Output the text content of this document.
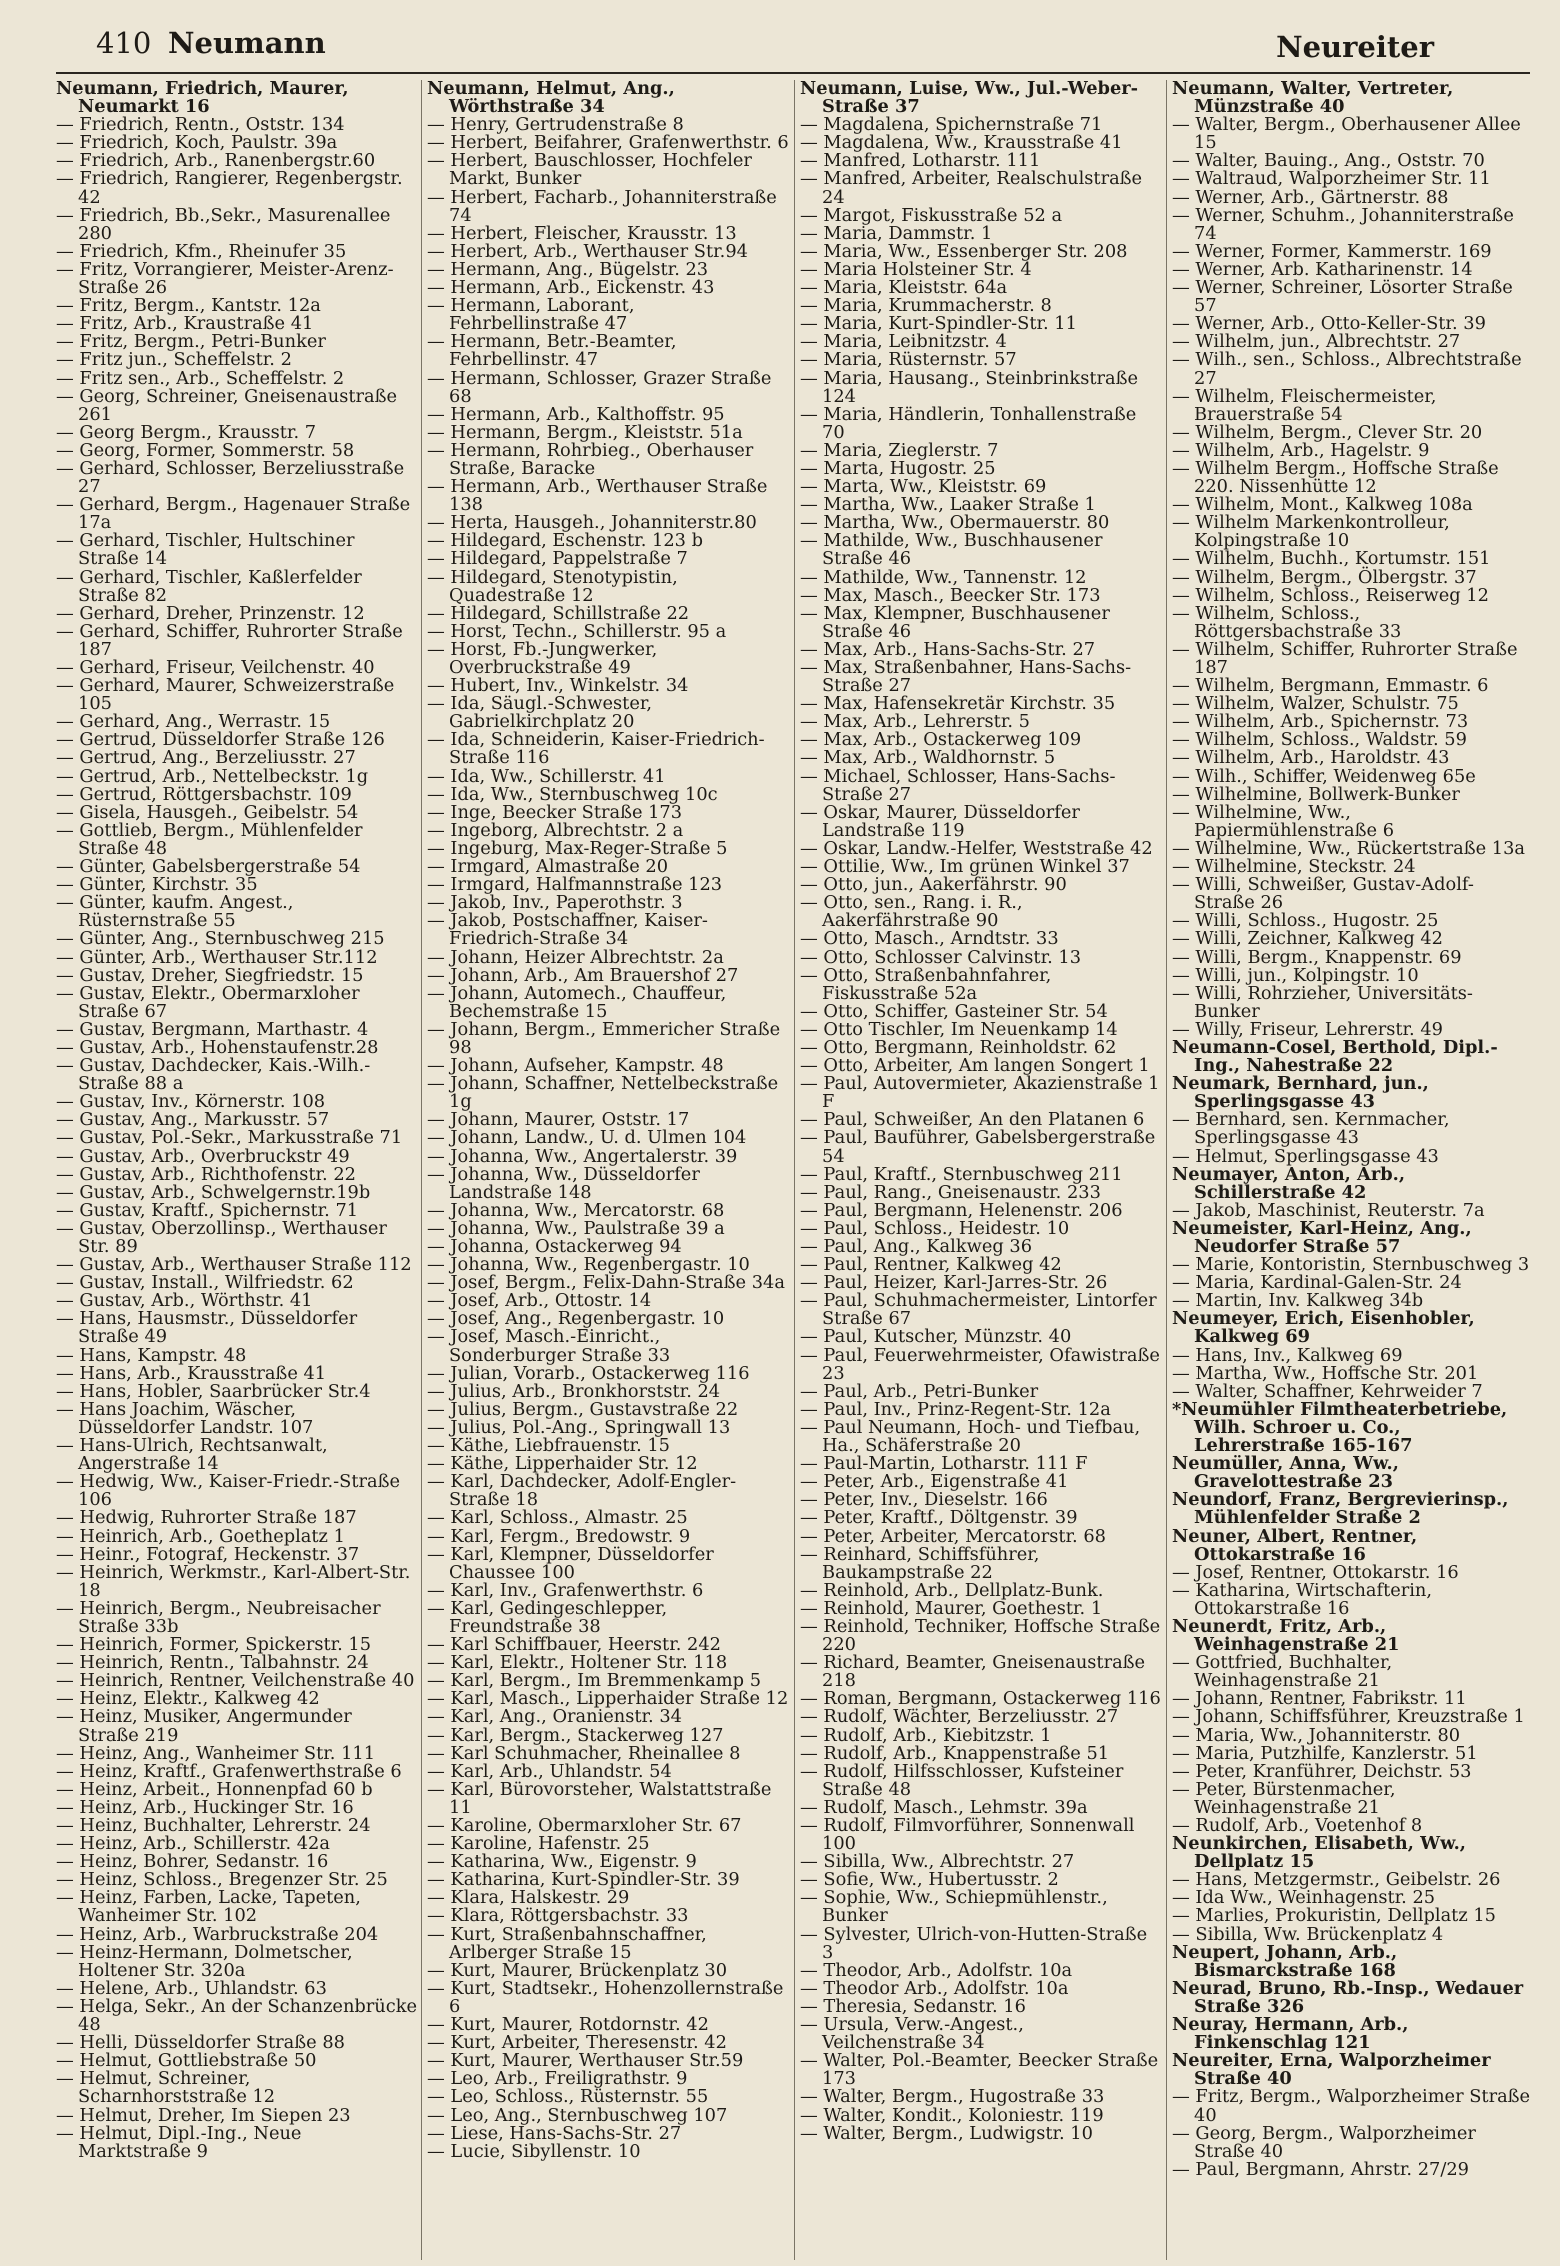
410 Neumann	Neureiter
Neumann, Friedrich, Maurer, Neumarkt 16
— Friedrich, Rentn., Oststr. 134
— Friedrich, Koch, Paulstr. 39a
— Friedrich, Arb., Ranenbergstr.60
— Friedrich, Rangierer, Regenbergstr. 42
— Friedrich, Bb.,Sekr., Masurenallee 280
— Friedrich, Kfm., Rheinufer 35
— Fritz, Vorrangierer, Meister-Arenz-Straße 26
— Fritz, Bergm., Kantstr. 12a
— Fritz, Arb., Kraustraße 41
— Fritz, Bergm., Petri-Bunker
— Fritz jun., Scheffelstr. 2
— Fritz sen., Arb., Scheffelstr. 2
— Georg, Schreiner, Gneisenaustraße 261
— Georg Bergm., Krausstr. 7
— Georg, Former, Sommerstr. 58
— Gerhard, Schlosser, Berzeliusstraße 27
— Gerhard, Bergm., Hagenauer Straße 17a
— Gerhard, Tischler, Hultschiner Straße 14
— Gerhard, Tischler, Kaßlerfelder Straße 82
— Gerhard, Dreher, Prinzenstr. 12
— Gerhard, Schiffer, Ruhrorter Straße 187
— Gerhard, Friseur, Veilchenstr. 40
— Gerhard, Maurer, Schweizerstraße 105
— Gerhard, Ang., Werrastr. 15
— Gertrud, Düsseldorfer Straße 126
— Gertrud, Ang., Berzeliusstr. 27
— Gertrud, Arb., Nettelbeckstr. 1g
— Gertrud, Röttgersbachstr. 109
— Gisela, Hausgeh., Geibelstr. 54
— Gottlieb, Bergm., Mühlenfelder Straße 48
— Günter, Gabelsbergerstraße 54
— Günter, Kirchstr. 35
— Günter, kaufm. Angest., Rüsternstraße 55
— Günter, Ang., Sternbuschweg 215
— Günter, Arb., Werthauser Str.112
— Gustav, Dreher, Siegfriedstr. 15
— Gustav, Elektr., Obermarxloher Straße 67
— Gustav, Bergmann, Marthastr. 4
— Gustav, Arb., Hohenstaufenstr.28
— Gustav, Dachdecker, Kais.-Wilh.-Straße 88 a
— Gustav, Inv., Körnerstr. 108
— Gustav, Ang., Markusstr. 57
— Gustav, Pol.-Sekr., Markusstraße 71
— Gustav, Arb., Overbruckstr 49
— Gustav, Arb., Richthofenstr. 22
— Gustav, Arb., Schwelgernstr.19b
— Gustav, Kraftf., Spichernstr. 71
— Gustav, Oberzollinsp., Werthauser Str. 89
— Gustav, Arb., Werthauser Straße 112
— Gustav, Install., Wilfriedstr. 62
— Gustav, Arb., Wörthstr. 41
— Hans, Hausmstr., Düsseldorfer Straße 49
— Hans, Kampstr. 48
— Hans, Arb., Krausstraße 41
— Hans, Hobler, Saarbrücker Str.4
— Hans Joachim, Wäscher, Düsseldorfer Landstr. 107
— Hans-Ulrich, Rechtsanwalt, Angerstraße 14
— Hedwig, Ww., Kaiser-Friedr.-Straße 106
— Hedwig, Ruhrorter Straße 187
— Heinrich, Arb., Goetheplatz 1
— Heinr., Fotograf, Heckenstr. 37
— Heinrich, Werkmstr., Karl-Albert-Str. 18
— Heinrich, Bergm., Neubreisacher Straße 33b
— Heinrich, Former, Spickerstr. 15
— Heinrich, Rentn., Talbahnstr. 24
— Heinrich, Rentner, Veilchenstraße 40
— Heinz, Elektr., Kalkweg 42
— Heinz, Musiker, Angermunder Straße 219
— Heinz, Ang., Wanheimer Str. 111
— Heinz, Kraftf., Grafenwerthstraße 6
— Heinz, Arbeit., Honnenpfad 60 b
— Heinz, Arb., Huckinger Str. 16
— Heinz, Buchhalter, Lehrerstr. 24
— Heinz, Arb., Schillerstr. 42a
— Heinz, Bohrer, Sedanstr. 16
— Heinz, Schloss., Bregenzer Str. 25
— Heinz, Farben, Lacke, Tapeten, Wanheimer Str. 102
— Heinz, Arb., Warbruckstraße 204
— Heinz-Hermann, Dolmetscher, Holtener Str. 320a
— Helene, Arb., Uhlandstr. 63
— Helga, Sekr., An der Schanzenbrücke 48
— Helli, Düsseldorfer Straße 88
— Helmut, Gottliebstraße 50
— Helmut, Schreiner, Scharnhorststraße 12
— Helmut, Dreher, Im Siepen 23
— Helmut, Dipl.-Ing., Neue Marktstraße 9
Neumann, Helmut, Ang., Wörthstraße 34
— Henry, Gertrudenstraße 8
— Herbert, Beifahrer, Grafenwerthstr. 6
— Herbert, Bauschlosser, Hochfeler Markt, Bunker
— Herbert, Facharb., Johanniterstraße 74
— Herbert, Fleischer, Krausstr. 13
— Herbert, Arb., Werthauser Str.94
— Hermann, Ang., Bügelstr. 23
— Hermann, Arb., Eickenstr. 43
— Hermann, Laborant, Fehrbellinstraße 47
— Hermann, Betr.-Beamter, Fehrbellinstr. 47
— Hermann, Schlosser, Grazer Straße 68
— Hermann, Arb., Kalthoffstr. 95
— Hermann, Bergm., Kleiststr. 51a
— Hermann, Rohrbieg., Oberhauser Straße, Baracke
— Hermann, Arb., Werthauser Straße 138
— Herta, Hausgeh., Johanniterstr.80
— Hildegard, Eschenstr. 123 b
— Hildegard, Pappelstraße 7
— Hildegard, Stenotypistin, Quadestraße 12
— Hildegard, Schillstraße 22
— Horst, Techn., Schillerstr. 95 a
— Horst, Fb.-Jungwerker, Overbruckstraße 49
— Hubert, Inv., Winkelstr. 34
— Ida, Säugl.-Schwester, Gabrielkirchplatz 20
— Ida, Schneiderin, Kaiser-Friedrich-Straße 116
— Ida, Ww., Schillerstr. 41
— Ida, Ww., Sternbuschweg 10c
— Inge, Beecker Straße 173
— Ingeborg, Albrechtstr. 2 a
— Ingeburg, Max-Reger-Straße 5
— Irmgard, Almastraße 20
— Irmgard, Halfmannstraße 123
— Jakob, Inv., Paperothstr. 3
— Jakob, Postschaffner, Kaiser-Friedrich-Straße 34
— Johann, Heizer Albrechtstr. 2a
— Johann, Arb., Am Brauershof 27
— Johann, Automech., Chauffeur, Bechemstraße 15
— Johann, Bergm., Emmericher Straße 98
— Johann, Aufseher, Kampstr. 48
— Johann, Schaffner, Nettelbeckstraße 1g
— Johann, Maurer, Oststr. 17
— Johann, Landw., U. d. Ulmen 104
— Johanna, Ww., Angertalerstr. 39
— Johanna, Ww., Düsseldorfer Landstraße 148
— Johanna, Ww., Mercatorstr. 68
— Johanna, Ww., Paulstraße 39 a
— Johanna, Ostackerweg 94
— Johanna, Ww., Regenbergastr. 10
— Josef, Bergm., Felix-Dahn-Straße 34a
— Josef, Arb., Ottostr. 14
— Josef, Ang., Regenbergastr. 10
— Josef, Masch.-Einricht., Sonderburger Straße 33
— Julian, Vorarb., Ostackerweg 116
— Julius, Arb., Bronkhorststr. 24
— Julius, Bergm., Gustavstraße 22
— Julius, Pol.-Ang., Springwall 13
— Käthe, Liebfrauenstr. 15
— Käthe, Lipperhaider Str. 12
— Karl, Dachdecker, Adolf-Engler-Straße 18
— Karl, Schloss., Almastr. 25
— Karl, Fergm., Bredowstr. 9
— Karl, Klempner, Düsseldorfer Chaussee 100
— Karl, Inv., Grafenwerthstr. 6
— Karl, Gedingeschlepper, Freundstraße 38
— Karl Schiffbauer, Heerstr. 242
— Karl, Elektr., Holtener Str. 118
— Karl, Bergm., Im Bremmenkamp 5
— Karl, Masch., Lipperhaider Straße 12
— Karl, Ang., Oranienstr. 34
— Karl, Bergm., Stackerweg 127
— Karl Schuhmacher, Rheinallee 8
— Karl, Arb., Uhlandstr. 54
— Karl, Bürovorsteher, Walstattstraße 11
— Karoline, Obermarxloher Str. 67
— Karoline, Hafenstr. 25
— Katharina, Ww., Eigenstr. 9
— Katharina, Kurt-Spindler-Str. 39
— Klara, Halskestr. 29
— Klara, Röttgersbachstr. 33
— Kurt, Straßenbahnschaffner, Arlberger Straße 15
— Kurt, Maurer, Brückenplatz 30
— Kurt, Stadtsekr., Hohenzollernstraße 6
— Kurt, Maurer, Rotdornstr. 42
— Kurt, Arbeiter, Theresenstr. 42
— Kurt, Maurer, Werthauser Str.59
— Leo, Arb., Freiligrathstr. 9
— Leo, Schloss., Rüsternstr. 55
— Leo, Ang., Sternbuschweg 107
— Liese, Hans-Sachs-Str. 27
— Lucie, Sibyllenstr. 10
Neumann, Luise, Ww., Jul.-Weber-Straße 37
— Magdalena, Spichernstraße 71
— Magdalena, Ww., Krausstraße 41
— Manfred, Lotharstr. 111
— Manfred, Arbeiter, Realschulstraße 24
— Margot, Fiskusstraße 52 a
— Maria, Dammstr. 1
— Maria, Ww., Essenberger Str. 208
— Maria Holsteiner Str. 4
— Maria, Kleiststr. 64a
— Maria, Krummacherstr. 8
— Maria, Kurt-Spindler-Str. 11
— Maria, Leibnitzstr. 4
— Maria, Rüsternstr. 57
— Maria, Hausang., Steinbrinkstraße 124
— Maria, Händlerin, Tonhallenstraße 70
— Maria, Zieglerstr. 7
— Marta, Hugostr. 25
— Marta, Ww., Kleiststr. 69
— Martha, Ww., Laaker Straße 1
— Martha, Ww., Obermauerstr. 80
— Mathilde, Ww., Buschhausener Straße 46
— Mathilde, Ww., Tannenstr. 12
— Max, Masch., Beecker Str. 173
— Max, Klempner, Buschhausener Straße 46
— Max, Arb., Hans-Sachs-Str. 27
— Max, Straßenbahner, Hans-Sachs-Straße 27
— Max, Hafensekretär Kirchstr. 35
— Max, Arb., Lehrerstr. 5
— Max, Arb., Ostackerweg 109
— Max, Arb., Waldhornstr. 5
— Michael, Schlosser, Hans-Sachs-Straße 27
— Oskar, Maurer, Düsseldorfer Landstraße 119
— Oskar, Landw.-Helfer, Weststraße 42
— Ottilie, Ww., Im grünen Winkel 37
— Otto, jun., Aakerfährstr. 90
— Otto, sen., Rang. i. R., Aakerfährstraße 90
— Otto, Masch., Arndtstr. 33
— Otto, Schlosser Calvinstr. 13
— Otto, Straßenbahnfahrer, Fiskusstraße 52a
— Otto, Schiffer, Gasteiner Str. 54
— Otto Tischler, Im Neuenkamp 14
— Otto, Bergmann, Reinholdstr. 62
— Otto, Arbeiter, Am langen Songert 1
— Paul, Autovermieter, Akazienstraße 1 F
— Paul, Schweißer, An den Platanen 6
— Paul, Bauführer, Gabelsbergerstraße 54
— Paul, Kraftf., Sternbuschweg 211
— Paul, Rang., Gneisenaustr. 233
— Paul, Bergmann, Helenenstr. 206
— Paul, Schloss., Heidestr. 10
— Paul, Ang., Kalkweg 36
— Paul, Rentner, Kalkweg 42
— Paul, Heizer, Karl-Jarres-Str. 26
— Paul, Schuhmachermeister, Lintorfer Straße 67
— Paul, Kutscher, Münzstr. 40
— Paul, Feuerwehrmeister, Ofawistraße 23
— Paul, Arb., Petri-Bunker
— Paul, Inv., Prinz-Regent-Str. 12a
— Paul Neumann, Hoch- und Tiefbau, Ha., Schäferstraße 20
— Paul-Martin, Lotharstr. 111 F
— Peter, Arb., Eigenstraße 41
— Peter, Inv., Dieselstr. 166
— Peter, Kraftf., Döltgenstr. 39
— Peter, Arbeiter, Mercatorstr. 68
— Reinhard, Schiffsführer, Baukampstraße 22
— Reinhold, Arb., Dellplatz-Bunk.
— Reinhold, Maurer, Goethestr. 1
— Reinhold, Techniker, Hoffsche Straße 220
— Richard, Beamter, Gneisenaustraße 218
— Roman, Bergmann, Ostackerweg 116
— Rudolf, Wächter, Berzeliusstr. 27
— Rudolf, Arb., Kiebitzstr. 1
— Rudolf, Arb., Knappenstraße 51
— Rudolf, Hilfsschlosser, Kufsteiner Straße 48
— Rudolf, Masch., Lehmstr. 39a
— Rudolf, Filmvorführer, Sonnenwall 100
— Sibilla, Ww., Albrechtstr. 27
— Sofie, Ww., Hubertusstr. 2
— Sophie, Ww., Schiepmühlenstr., Bunker
— Sylvester, Ulrich-von-Hutten-Straße 3
— Theodor, Arb., Adolfstr. 10a
— Theodor Arb., Adolfstr. 10a
— Theresia, Sedanstr. 16
— Ursula, Verw.-Angest., Veilchenstraße 34
— Walter, Pol.-Beamter, Beecker Straße 173
— Walter, Bergm., Hugostraße 33
— Walter, Kondit., Koloniestr. 119
— Walter, Bergm., Ludwigstr. 10
Neumann, Walter, Vertreter, Münzstraße 40
— Walter, Bergm., Oberhausener Allee 15
— Walter, Bauing., Ang., Oststr. 70
— Waltraud, Walporzheimer Str. 11
— Werner, Arb., Gärtnerstr. 88
— Werner, Schuhm., Johanniterstraße 74
— Werner, Former, Kammerstr. 169
— Werner, Arb. Katharinenstr. 14
— Werner, Schreiner, Lösorter Straße 57
— Werner, Arb., Otto-Keller-Str. 39
— Wilhelm, jun., Albrechtstr. 27
— Wilh., sen., Schloss., Albrechtstraße 27
— Wilhelm, Fleischermeister, Brauerstraße 54
— Wilhelm, Bergm., Clever Str. 20
— Wilhelm, Arb., Hagelstr. 9
— Wilhelm Bergm., Hoffsche Straße 220. Nissenhütte 12
— Wilhelm, Mont., Kalkweg 108a
— Wilhelm Markenkontrolleur, Kolpingstraße 10
— Wilhelm, Buchh., Kortumstr. 151
— Wilhelm, Bergm., Ölbergstr. 37
— Wilhelm, Schloss., Reiserweg 12
— Wilhelm, Schloss., Röttgersbachstraße 33
— Wilhelm, Schiffer, Ruhrorter Straße 187
— Wilhelm, Bergmann, Emmastr. 6
— Wilhelm, Walzer, Schulstr. 75
— Wilhelm, Arb., Spichernstr. 73
— Wilhelm, Schloss., Waldstr. 59
— Wilhelm, Arb., Haroldstr. 43
— Wilh., Schiffer, Weidenweg 65e
— Wilhelmine, Bollwerk-Bunker
— Wilhelmine, Ww., Papiermühlenstraße 6
— Wilhelmine, Ww., Rückertstraße 13a
— Wilhelmine, Steckstr. 24
— Willi, Schweißer, Gustav-Adolf-Straße 26
— Willi, Schloss., Hugostr. 25
— Willi, Zeichner, Kalkweg 42
— Willi, Bergm., Knappenstr. 69
— Willi, jun., Kolpingstr. 10
— Willi, Rohrzieher, Universitäts-Bunker
— Willy, Friseur, Lehrerstr. 49
Neumann-Cosel, Berthold, Dipl.-Ing., Nahestraße 22
Neumark, Bernhard, jun., Sperlingsgasse 43
— Bernhard, sen. Kernmacher, Sperlingsgasse 43
— Helmut, Sperlingsgasse 43
Neumayer, Anton, Arb., Schillerstraße 42
— Jakob, Maschinist, Reuterstr. 7a
Neumeister, Karl-Heinz, Ang., Neudorfer Straße 57
— Marie, Kontoristin, Sternbuschweg 3
— Maria, Kardinal-Galen-Str. 24
— Martin, Inv. Kalkweg 34b
Neumeyer, Erich, Eisenhobler, Kalkweg 69
— Hans, Inv., Kalkweg 69
— Martha, Ww., Hoffsche Str. 201
— Walter, Schaffner, Kehrweider 7
*Neumühler Filmtheaterbetriebe, Wilh. Schroer u. Co., Lehrerstraße 165-167
Neumüller, Anna, Ww., Gravelottestraße 23
Neundorf, Franz, Bergrevierinsp., Mühlenfelder Straße 2
Neuner, Albert, Rentner, Ottokarstraße 16
— Josef, Rentner, Ottokarstr. 16
— Katharina, Wirtschafterin, Ottokarstraße 16
Neunerdt, Fritz, Arb., Weinhagenstraße 21
— Gottfried, Buchhalter, Weinhagenstraße 21
— Johann, Rentner, Fabrikstr. 11
— Johann, Schiffsführer, Kreuzstraße 1
— Maria, Ww., Johanniterstr. 80
— Maria, Putzhilfe, Kanzlerstr. 51
— Peter, Kranführer, Deichstr. 53
— Peter, Bürstenmacher, Weinhagenstraße 21
— Rudolf, Arb., Voetenhof 8
Neunkirchen, Elisabeth, Ww., Dellplatz 15
— Hans, Metzgermstr., Geibelstr. 26
— Ida Ww., Weinhagenstr. 25
— Marlies, Prokuristin, Dellplatz 15
— Sibilla, Ww. Brückenplatz 4
Neupert, Johann, Arb., Bismarckstraße 168
Neurad, Bruno, Rb.-Insp., Wedauer Straße 326
Neuray, Hermann, Arb., Finkenschlag 121
Neureiter, Erna, Walporzheimer Straße 40
— Fritz, Bergm., Walporzheimer Straße 40
— Georg, Bergm., Walporzheimer Straße 40
— Paul, Bergmann, Ahrstr. 27/29
